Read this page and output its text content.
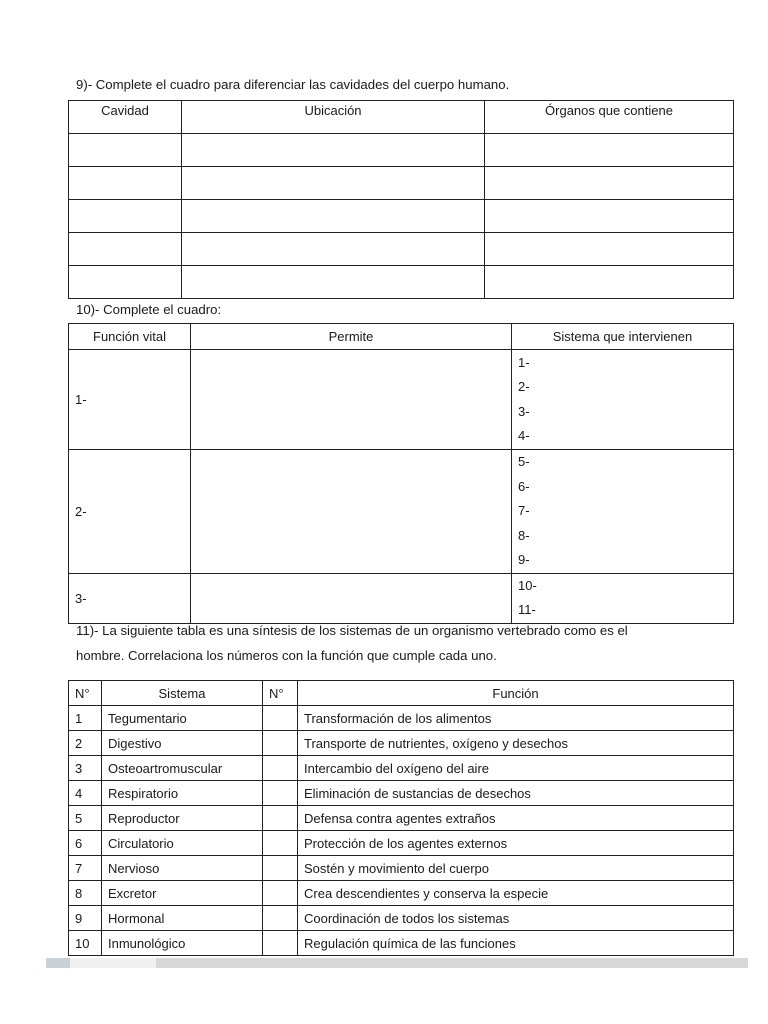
9)- Complete el cuadro para diferenciar las cavidades del cuerpo humano.
Cavidad	Ubicación	Órganos que contiene

10)- Complete el cuadro:
Función vital	Permite	Sistema que intervienen
1-		1-
2-
3-
4-

2-		5-
6-
7-
8-
9-

3-		10-
11-
11)- La siguiente tabla es una síntesis de los sistemas de un organismo vertebrado como es el
hombre. Correlaciona los números con la función que cumple cada uno.
N°	Sistema	N°	Función
1	Tegumentario		Transformación de los alimentos
2	Digestivo		Transporte de nutrientes, oxígeno y desechos
3	Osteoartromuscular		Intercambio del oxígeno del aire
4	Respiratorio		Eliminación de sustancias de desechos
5	Reproductor		Defensa contra agentes extraños
6	Circulatorio		Protección de los agentes externos
7	Nervioso		Sostén y movimiento del cuerpo
8	Excretor		Crea descendientes y conserva la especie
9	Hormonal		Coordinación de todos los sistemas
10	Inmunológico		Regulación química de las funciones
